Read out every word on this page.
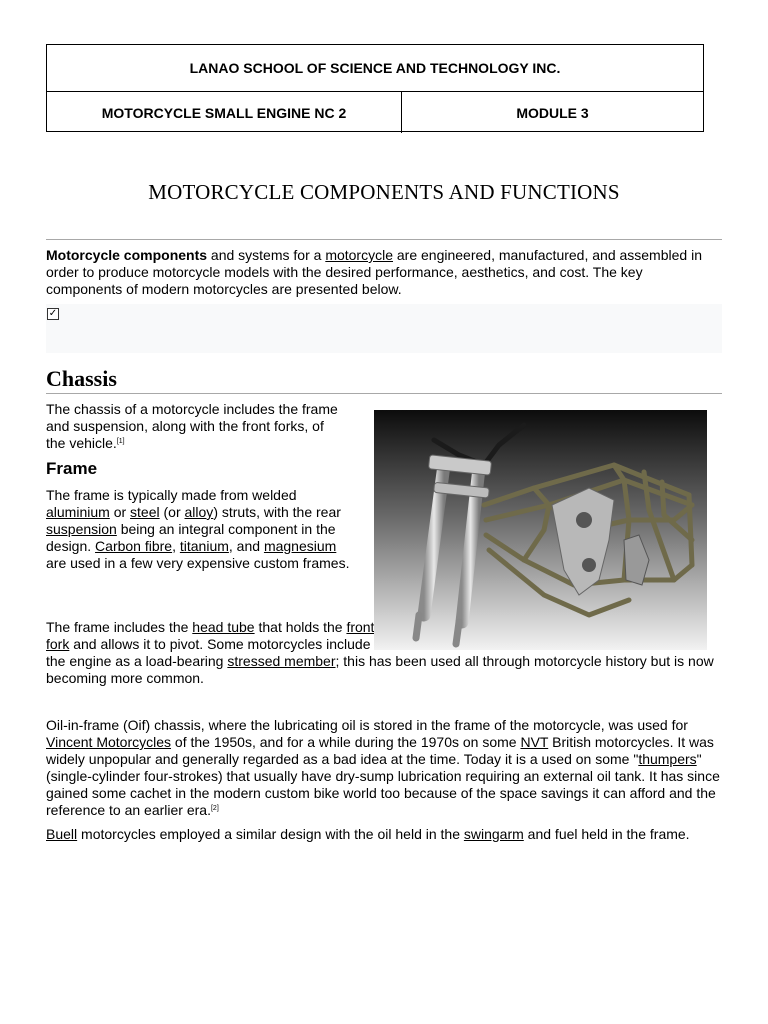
LANAO SCHOOL OF SCIENCE AND TECHNOLOGY INC.
MOTORCYCLE SMALL ENGINE NC 2	MODULE 3
MOTORCYCLE COMPONENTS AND FUNCTIONS

Motorcycle components and systems for a motorcycle are engineered, manufactured, and assembled in order to produce motorcycle models with the desired performance, aesthetics, and cost. The key components of modern motorcycles are presented below.

✓
Chassis

The chassis of a motorcycle includes the frame and suspension, along with the front forks, of the vehicle.[1]

Frame

The frame is typically made from welded aluminium or steel (or alloy) struts, with the rear suspension being an integral component in the design. Carbon fibre, titanium, and magnesium are used in a few very expensive custom frames.

The frame includes the head tube that holds the front fork and allows it to pivot. Some motorcycles include the engine as a load-bearing stressed member; this has been used all through motorcycle history but is now becoming more common.

Oil-in-frame (Oif) chassis, where the lubricating oil is stored in the frame of the motorcycle, was used for Vincent Motorcycles of the 1950s, and for a while during the 1970s on some NVT British motorcycles. It was widely unpopular and generally regarded as a bad idea at the time. Today it is a used on some "thumpers" (single-cylinder four-strokes) that usually have dry-sump lubrication requiring an external oil tank. It has since gained some cachet in the modern custom bike world too because of the space savings it can afford and the reference to an earlier era.[2]

Buell motorcycles employed a similar design with the oil held in the swingarm and fuel held in the frame.
